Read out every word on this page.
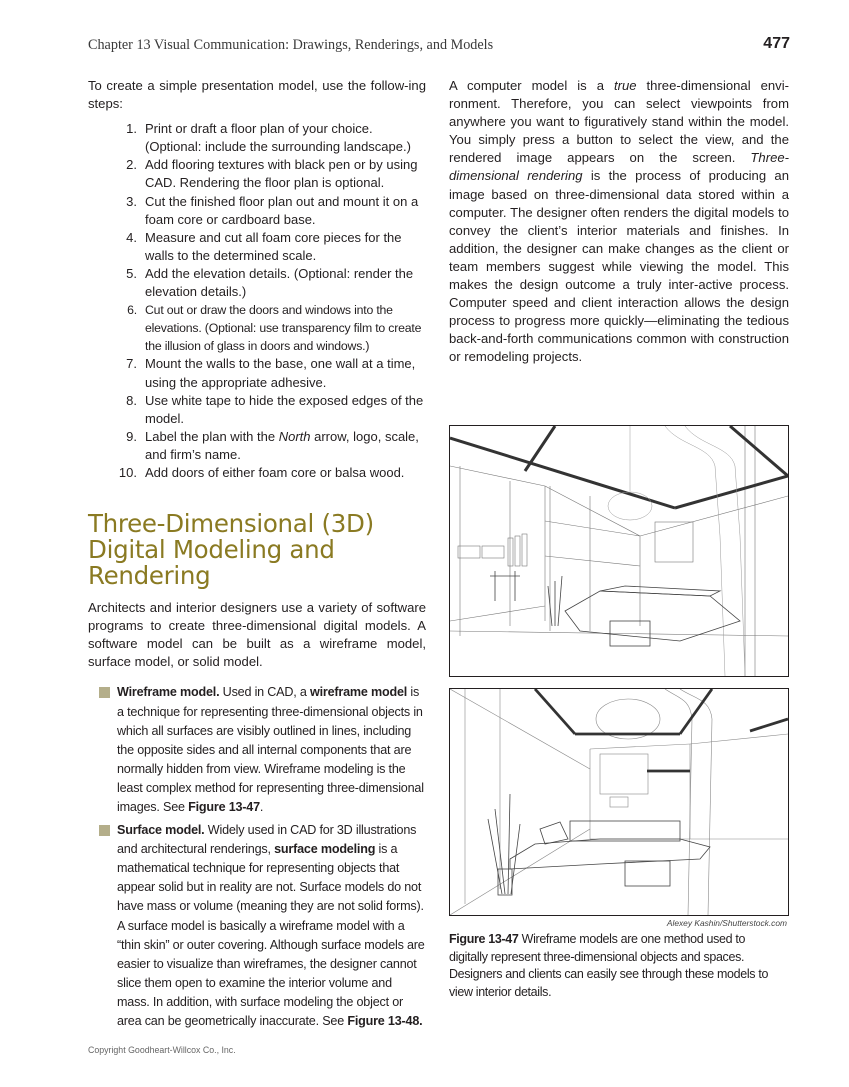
Chapter 13 Visual Communication: Drawings, Renderings, and Models	477

To create a simple presentation model, use the follow-ing steps:

1. Print or draft a floor plan of your choice. (Optional: include the surrounding landscape.)
2. Add flooring textures with black pen or by using CAD. Rendering the floor plan is optional.
3. Cut the finished floor plan out and mount it on a foam core or cardboard base.
4. Measure and cut all foam core pieces for the walls to the determined scale.
5. Add the elevation details. (Optional: render the elevation details.)
6. Cut out or draw the doors and windows into the elevations. (Optional: use transparency film to create the illusion of glass in doors and windows.)
7. Mount the walls to the base, one wall at a time, using the appropriate adhesive.
8. Use white tape to hide the exposed edges of the model.
9. Label the plan with the North arrow, logo, scale, and firm’s name.
10. Add doors of either foam core or balsa wood.
Three-Dimensional (3D) Digital Modeling and Rendering

Architects and interior designers use a variety of software programs to create three-dimensional digital models. A software model can be built as a wireframe model, surface model, or solid model.

Wireframe model. Used in CAD, a wireframe model is a technique for representing three-dimensional objects in which all surfaces are visibly outlined in lines, including the opposite sides and all internal components that are normally hidden from view. Wireframe modeling is the least complex method for representing three-dimensional images. See Figure 13-47.
Surface model. Widely used in CAD for 3D illustrations and architectural renderings, surface modeling is a mathematical technique for representing objects that appear solid but in reality are not. Surface models do not have mass or volume (meaning they are not solid forms). A surface model is basically a wireframe model with a “thin skin” or outer covering. Although surface models are easier to visualize than wireframes, the designer cannot slice them open to examine the interior volume and mass. In addition, with surface modeling the object or area can be geometrically inaccurate. See Figure 13-48.

A computer model is a true three-dimensional envi-ronment. Therefore, you can select viewpoints from anywhere you want to figuratively stand within the model. You simply press a button to select the view, and the rendered image appears on the screen. Three-dimensional rendering is the process of producing an image based on three-dimensional data stored within a computer. The designer often renders the digital models to convey the client’s interior materials and finishes. In addition, the designer can make changes as the client or team members suggest while viewing the model. This makes the design outcome a truly inter-active process. Computer speed and client interaction allows the design process to progress more quickly—eliminating the tedious back-and-forth communications common with construction or remodeling projects.

Alexey Kashin/Shutterstock.com
Figure 13-47 Wireframe models are one method used to digitally represent three-dimensional objects and spaces. Designers and clients can easily see through these models to view interior details.
Copyright Goodheart-Willcox Co., Inc.
